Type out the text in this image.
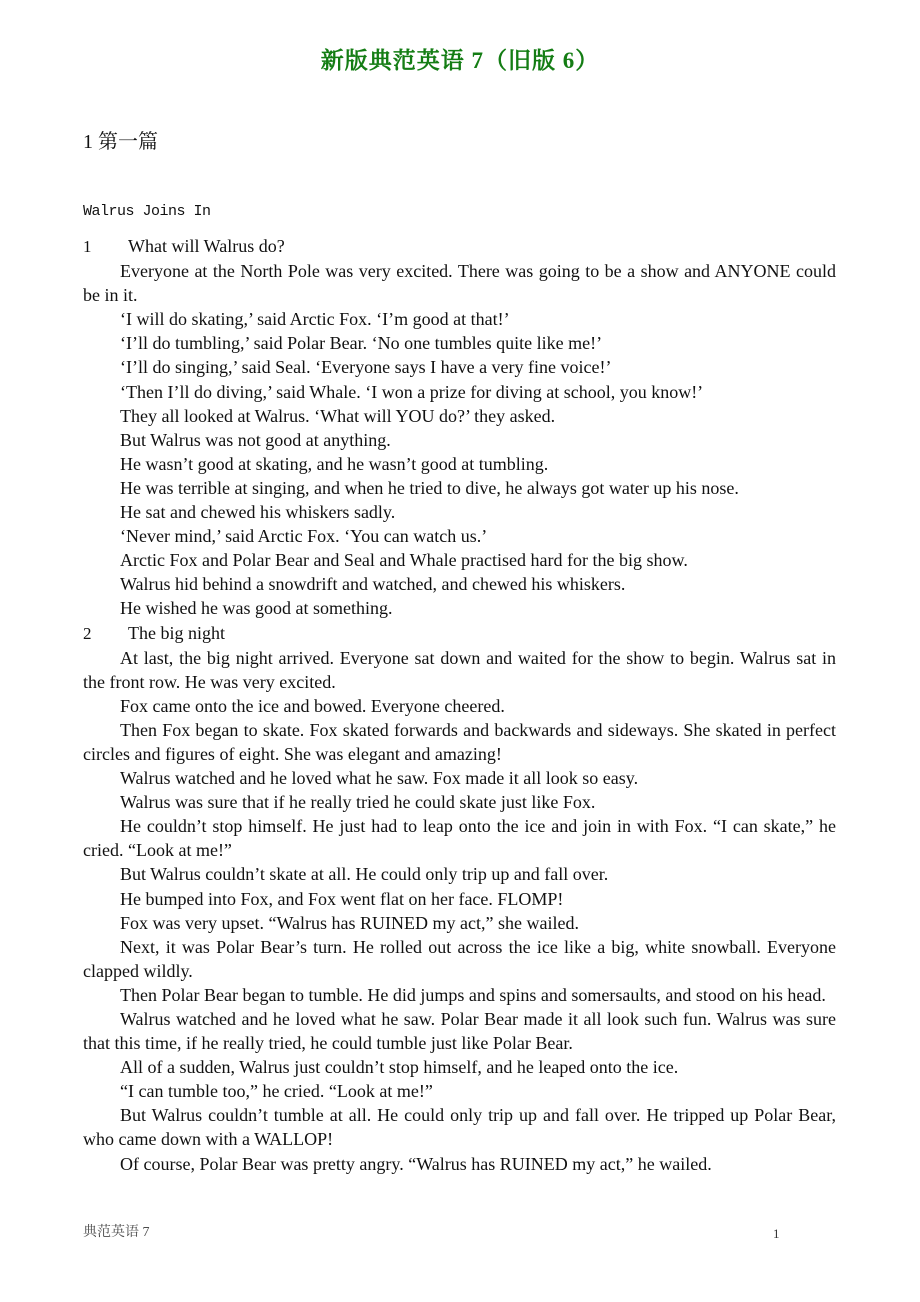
新版典范英语 7（旧版 6）
1 第一篇
Walrus Joins In
1 What will Walrus do?

Everyone at the North Pole was very excited. There was going to be a show and ANYONE could be in it.

‘I will do skating,’ said Arctic Fox. ‘I’m good at that!’

‘I’ll do tumbling,’ said Polar Bear. ‘No one tumbles quite like me!’

‘I’ll do singing,’ said Seal. ‘Everyone says I have a very fine voice!’

‘Then I’ll do diving,’ said Whale. ‘I won a prize for diving at school, you know!’

They all looked at Walrus. ‘What will YOU do?’ they asked.

But Walrus was not good at anything.

He wasn’t good at skating, and he wasn’t good at tumbling.

He was terrible at singing, and when he tried to dive, he always got water up his nose.

He sat and chewed his whiskers sadly.

‘Never mind,’ said Arctic Fox. ‘You can watch us.’

Arctic Fox and Polar Bear and Seal and Whale practised hard for the big show.

Walrus hid behind a snowdrift and watched, and chewed his whiskers.

He wished he was good at something.

2 The big night

At last, the big night arrived. Everyone sat down and waited for the show to begin. Walrus sat in the front row. He was very excited.

Fox came onto the ice and bowed. Everyone cheered.

Then Fox began to skate. Fox skated forwards and backwards and sideways. She skated in perfect circles and figures of eight. She was elegant and amazing!

Walrus watched and he loved what he saw. Fox made it all look so easy.

Walrus was sure that if he really tried he could skate just like Fox.

He couldn’t stop himself. He just had to leap onto the ice and join in with Fox. “I can skate,” he cried. “Look at me!”

But Walrus couldn’t skate at all. He could only trip up and fall over.

He bumped into Fox, and Fox went flat on her face. FLOMP!

Fox was very upset. “Walrus has RUINED my act,” she wailed.

Next, it was Polar Bear’s turn. He rolled out across the ice like a big, white snowball. Everyone clapped wildly.

Then Polar Bear began to tumble. He did jumps and spins and somersaults, and stood on his head.

Walrus watched and he loved what he saw. Polar Bear made it all look such fun. Walrus was sure that this time, if he really tried, he could tumble just like Polar Bear.

All of a sudden, Walrus just couldn’t stop himself, and he leaped onto the ice.

“I can tumble too,” he cried. “Look at me!”

But Walrus couldn’t tumble at all. He could only trip up and fall over. He tripped up Polar Bear, who came down with a WALLOP!

Of course, Polar Bear was pretty angry. “Walrus has RUINED my act,” he wailed.

典范英语 7	1
